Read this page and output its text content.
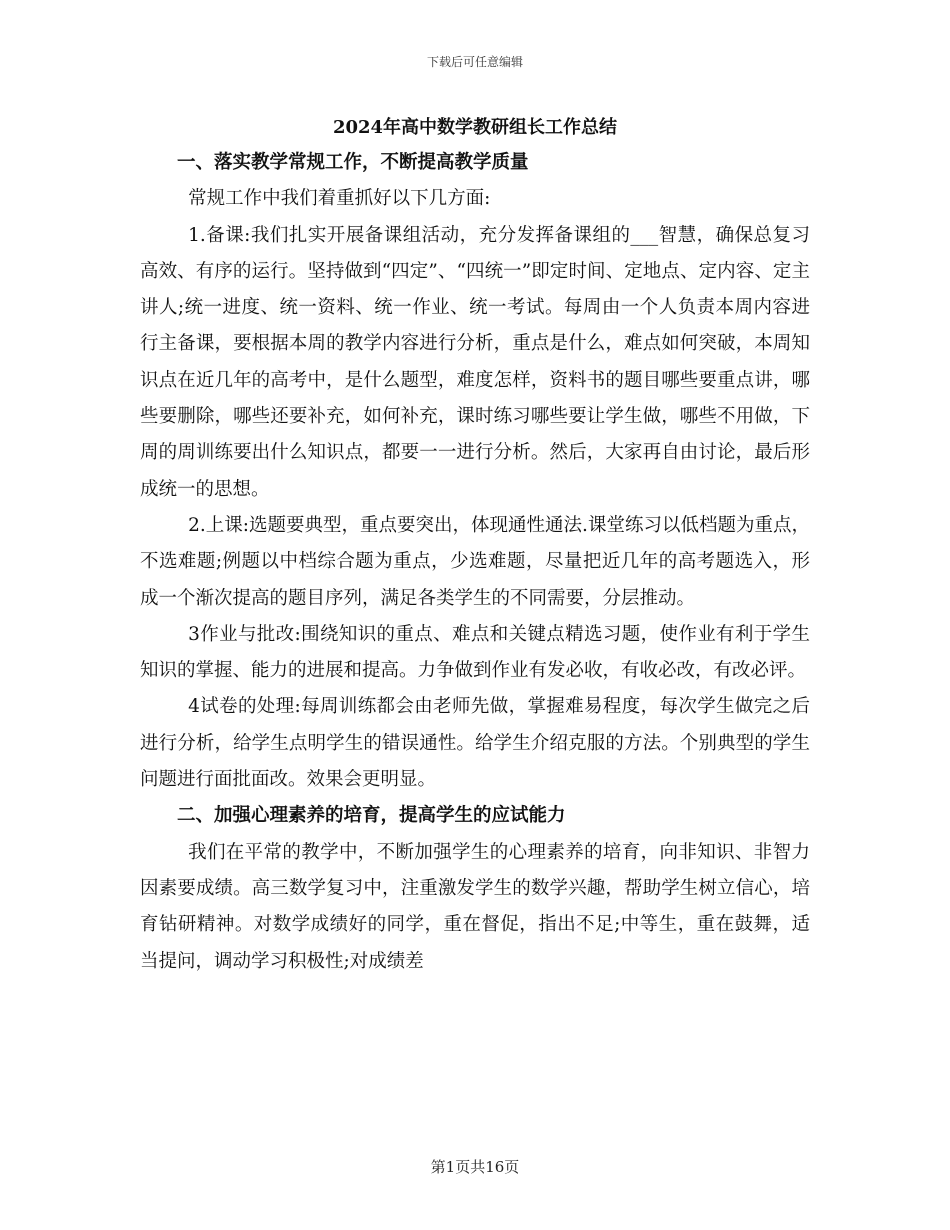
下载后可任意编辑
2024年高中数学教研组长工作总结
一、落实教学常规工作，不断提高教学质量

常规工作中我们着重抓好以下几方面:

1.备课:我们扎实开展备课组活动，充分发挥备课组的___智慧，确保总复习高效、有序的运行。坚持做到“四定”、“四统一”即定时间、定地点、定内容、定主讲人;统一进度、统一资料、统一作业、统一考试。每周由一个人负责本周内容进行主备课，要根据本周的教学内容进行分析，重点是什么，难点如何突破，本周知识点在近几年的高考中，是什么题型，难度怎样，资料书的题目哪些要重点讲，哪些要删除，哪些还要补充，如何补充，课时练习哪些要让学生做，哪些不用做，下周的周训练要出什么知识点，都要一一进行分析。然后，大家再自由讨论，最后形成统一的思想。

2.上课:选题要典型，重点要突出，体现通性通法.课堂练习以低档题为重点，不选难题;例题以中档综合题为重点，少选难题，尽量把近几年的高考题选入，形成一个渐次提高的题目序列，满足各类学生的不同需要，分层推动。

3作业与批改:围绕知识的重点、难点和关键点精选习题，使作业有利于学生知识的掌握、能力的进展和提高。力争做到作业有发必收，有收必改，有改必评。

4试卷的处理:每周训练都会由老师先做，掌握难易程度，每次学生做完之后进行分析，给学生点明学生的错误通性。给学生介绍克服的方法。个别典型的学生问题进行面批面改。效果会更明显。

二、加强心理素养的培育，提高学生的应试能力

我们在平常的教学中，不断加强学生的心理素养的培育，向非知识、非智力因素要成绩。高三数学复习中，注重激发学生的数学兴趣，帮助学生树立信心，培育钻研精神。对数学成绩好的同学，重在督促，指出不足;中等生，重在鼓舞，适当提问，调动学习积极性;对成绩差

第1页共16页
